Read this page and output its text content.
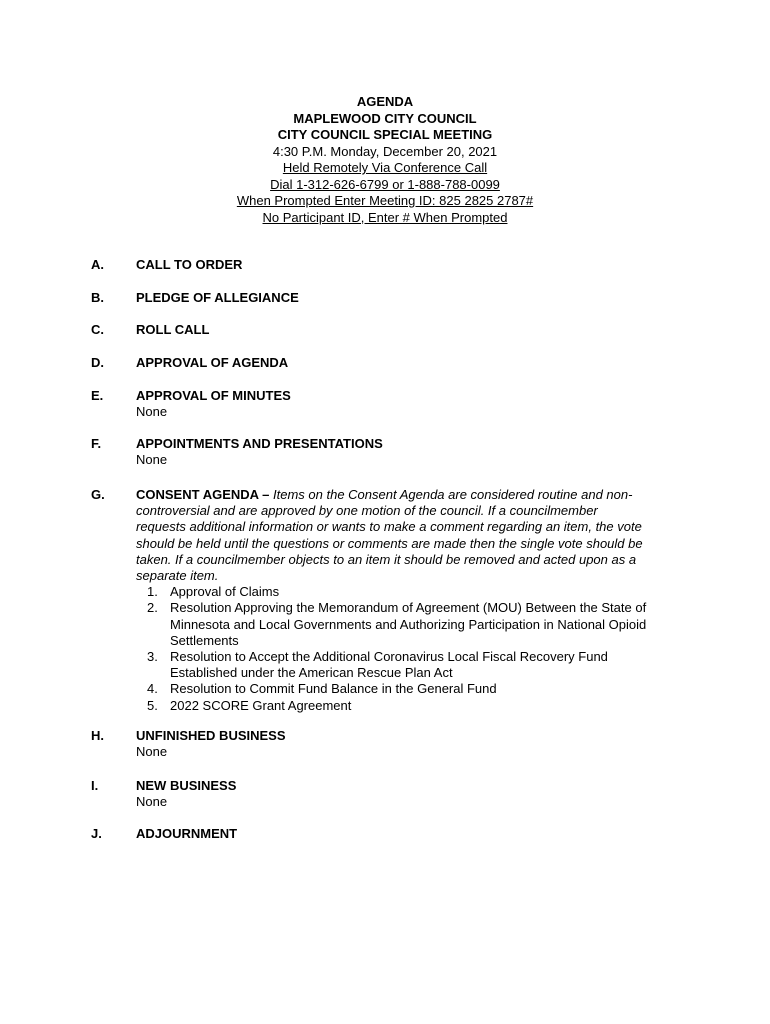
AGENDA
MAPLEWOOD CITY COUNCIL
CITY COUNCIL SPECIAL MEETING
4:30 P.M. Monday, December 20, 2021
Held Remotely Via Conference Call
Dial 1-312-626-6799 or 1-888-788-0099
When Prompted Enter Meeting ID: 825 2825 2787#
No Participant ID, Enter # When Prompted
A. CALL TO ORDER
B. PLEDGE OF ALLEGIANCE
C. ROLL CALL
D. APPROVAL OF AGENDA
E.	APPROVAL OF MINUTES
None
F.	APPOINTMENTS AND PRESENTATIONS
None
G. CONSENT AGENDA – Items on the Consent Agenda are considered routine and non-
controversial and are approved by one motion of the council. If a councilmember
requests additional information or wants to make a comment regarding an item, the vote
should be held until the questions or comments are made then the single vote should be
taken. If a councilmember objects to an item it should be removed and acted upon as a
separate item.
1. Approval of Claims
2. Resolution Approving the Memorandum of Agreement (MOU) Between the State of
Minnesota and Local Governments and Authorizing Participation in National Opioid
Settlements
3. Resolution to Accept the Additional Coronavirus Local Fiscal Recovery Fund
Established under the American Rescue Plan Act
4. Resolution to Commit Fund Balance in the General Fund
5. 2022 SCORE Grant Agreement
H. UNFINISHED BUSINESS
None
I.	NEW BUSINESS
None
J.	ADJOURNMENT
